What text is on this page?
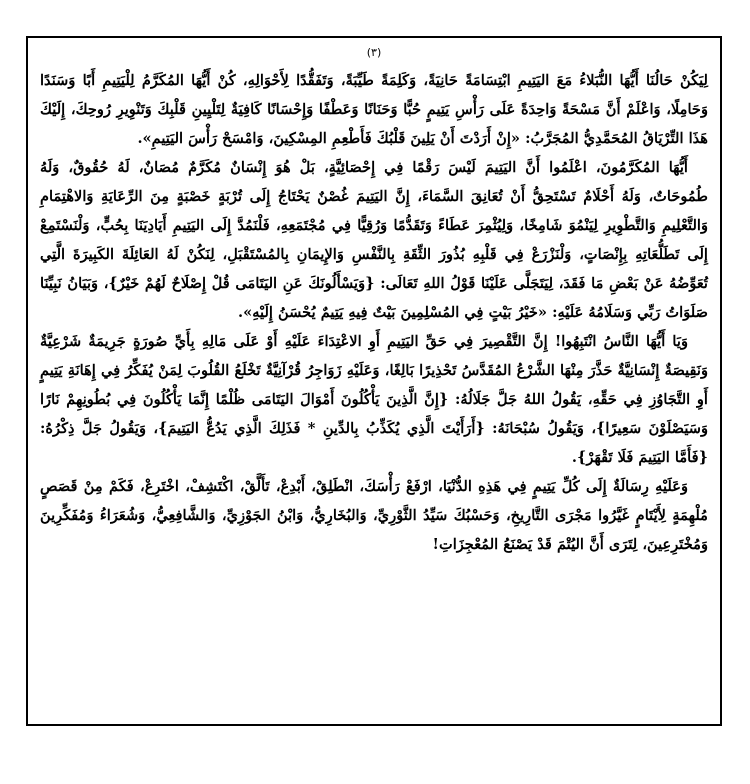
(٣)

لِيَكُنْ حَالُنَا أَيُّهَا النُّبَلاءُ مَعَ اليَتِيمِ ابْتِسَامَةً حَانِيَةً، وَكَلِمَةً طَيِّبَةً، وَتَفَقُّدًا لِأَحْوَالِهِ، كُنْ أَيُّهَا المُكَرَّمُ لِلْيَتِيمِ أَبًا وَسَنَدًا وَحَامِلًا، وَاعْلَمْ أَنَّ مَسْحَةً وَاحِدَةً عَلَى رَأْسِ يَتِيمٍ حُبًّا وَحَنَانًا وَعَطْفًا وَإِحْسَانًا كَافِيَةٌ لِتَلْيِينِ قَلْبِكَ وَتَنْوِيرِ رُوحِكَ، إِلَيْكَ هَذَا التِّرْيَاقُ المُحَمَّدِيُّ المُجَرَّبُ: «إِنْ أَرَدْتَ أَنْ يَلِينَ قَلْبُكَ فَأَطْعِمِ المِسْكِينَ، وَامْسَحْ رَأْسَ اليَتِيمِ».

أَيُّهَا المُكَرَّمُونَ، اعْلَمُوا أَنَّ اليَتِيمَ لَيْسَ رَقْمًا فِي إِحْصَائِيَّةٍ، بَلْ هُوَ إِنْسَانٌ مُكَرَّمٌ مُصَانٌ، لَهُ حُقُوقٌ، وَلَهُ طُمُوحَاتٌ، وَلَهُ أَحْلَامٌ تَسْتَحِقُّ أَنْ تُعَانِقَ السَّمَاءَ، إِنَّ اليَتِيمَ غُصْنٌ يَحْتَاجُ إِلَى تُرْبَةٍ خَصْبَةٍ مِنَ الرِّعَايَةِ وَالاهْتِمَامِ وَالتَّعْلِيمِ وَالتَّطْوِيرِ لِيَنْمُوَ شَامِخًا، وَلِيُثْمِرَ عَطَاءً وَتَقَدُّمًا وَرُقِيًّا فِي مُجْتَمَعِهِ، فَلْنَمُدَّ إِلَى اليَتِيمِ أَيَادِيَنَا بِحُبٍّ، وَلْنَسْتَمِعْ إِلَى تَطَلُّعَاتِهِ بِإِنْصَاتٍ، وَلْنَزْرَعْ فِي قَلْبِهِ بُذُورَ الثِّقَةِ بِالنَّفْسِ وَالإِيمَانِ بِالمُسْتَقْبَلِ، لِنَكُنْ لَهُ العَائِلَةَ الكَبِيرَةَ الَّتِي تُعَوِّضُهُ عَنْ بَعْضِ مَا فَقَدَ، لِيَتَجَلَّى عَلَيْنَا قَوْلُ اللهِ تَعَالَى: {وَيَسْأَلُونَكَ عَنِ اليَتَامَى قُلْ إِصْلَاحٌ لَهُمْ خَيْرٌ}، وَبَيَانُ نَبِيِّنَا صَلَوَاتُ رَبِّي وَسَلَامُهُ عَلَيْهِ: «خَيْرُ بَيْتٍ فِي المُسْلِمِينَ بَيْتٌ فِيهِ يَتِيمٌ يُحْسَنُ إِلَيْهِ».

وَيَا أَيُّهَا النَّاسُ انْتَبِهُوا! إِنَّ التَّقْصِيرَ فِي حَقِّ اليَتِيمِ أَوِ الاعْتِدَاءَ عَلَيْهِ أَوْ عَلَى مَالِهِ بِأَيِّ صُورَةٍ جَرِيمَةٌ شَرْعِيَّةٌ وَنَقِيصَةٌ إِنْسَانِيَّةٌ حَذَّرَ مِنْهَا الشَّرْعُ المُقَدَّسُ تَحْذِيرًا بَالِغًا، وَعَلَيْهِ زَوَاجِرُ قُرْآنِيَّةٌ تَخْلَعُ القُلُوبَ لِمَنْ يُفَكِّرُ فِي إِهَانَةِ يَتِيمٍ أَوِ التَّجَاوُزِ فِي حَقِّهِ، يَقُولُ اللهُ جَلَّ جَلَالُهُ: {إِنَّ الَّذِينَ يَأْكُلُونَ أَمْوَالَ اليَتَامَى ظُلْمًا إِنَّمَا يَأْكُلُونَ فِي بُطُونِهِمْ نَارًا وَسَيَصْلَوْنَ سَعِيرًا}، وَيَقُولُ سُبْحَانَهُ: {أَرَأَيْتَ الَّذِي يُكَذِّبُ بِالدِّينِ * فَذَلِكَ الَّذِي يَدُعُّ اليَتِيمَ}، وَيَقُولُ جَلَّ ذِكْرُهُ: {فَأَمَّا اليَتِيمَ فَلَا تَقْهَرْ}.

وَعَلَيْهِ رِسَالَةٌ إِلَى كُلِّ يَتِيمٍ فِي هَذِهِ الدُّنْيَا، ارْفَعْ رَأْسَكَ، انْطَلِقْ، أَبْدِعْ، تَأَلَّقْ، اكْتَشِفْ، اخْتَرِعْ، فَكَمْ مِنْ قَصَصٍ مُلْهِمَةٍ لِأَيْتَامٍ غَيَّرُوا مَجْرَى التَّارِيخِ، وَحَسْبُكَ سَيِّدُ الثَّوْرِيِّ، وَالبُخَارِيُّ، وَابْنُ الجَوْزِيِّ، وَالشَّافِعِيُّ، وَشُعَرَاءُ وَمُفَكِّرِينَ وَمُخْتَرِعِينَ، لِتَرَى أَنَّ اليُتْمَ قَدْ يَصْنَعُ المُعْجِزَاتِ!
